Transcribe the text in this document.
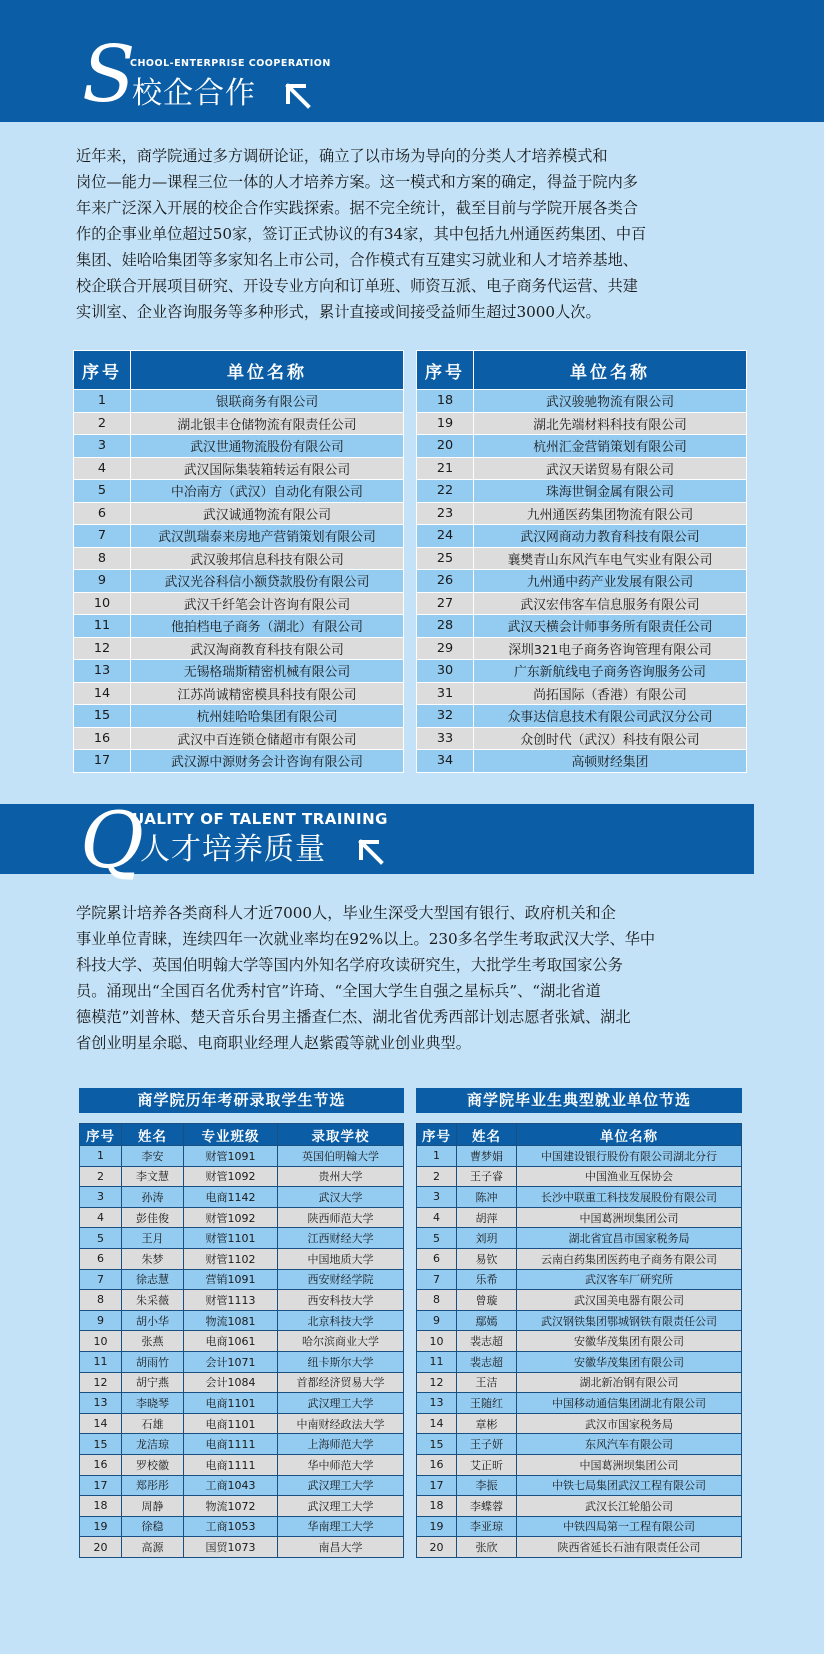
S
CHOOL-ENTERPRISE COOPERATION
校企合作
近年来，商学院通过多方调研论证，确立了以市场为导向的分类人才培养模式和
岗位—能力—课程三位一体的人才培养方案。这一模式和方案的确定，得益于院内多
年来广泛深入开展的校企合作实践探索。据不完全统计，截至目前与学院开展各类合
作的企事业单位超过50家，签订正式协议的有34家，其中包括九州通医药集团、中百
集团、娃哈哈集团等多家知名上市公司，合作模式有互建实习就业和人才培养基地、
校企联合开展项目研究、开设专业方向和订单班、师资互派、电子商务代运营、共建
实训室、企业咨询服务等多种形式，累计直接或间接受益师生超过3000人次。
序号	单位名称
1	银联商务有限公司
2	湖北银丰仓储物流有限责任公司
3	武汉世通物流股份有限公司
4	武汉国际集装箱转运有限公司
5	中冶南方（武汉）自动化有限公司
6	武汉诚通物流有限公司
7	武汉凯瑞泰来房地产营销策划有限公司
8	武汉骏邦信息科技有限公司
9	武汉光谷科信小额贷款股份有限公司
10	武汉千纤笔会计咨询有限公司
11	他拍档电子商务（湖北）有限公司
12	武汉淘商教育科技有限公司
13	无锡格瑞斯精密机械有限公司
14	江苏尚诚精密模具科技有限公司
15	杭州娃哈哈集团有限公司
16	武汉中百连锁仓储超市有限公司
17	武汉源中源财务会计咨询有限公司
序号	单位名称
18	武汉骏驰物流有限公司
19	湖北先端材料科技有限公司
20	杭州汇金营销策划有限公司
21	武汉天诺贸易有限公司
22	珠海世铜金属有限公司
23	九州通医药集团物流有限公司
24	武汉网商动力教育科技有限公司
25	襄樊青山东风汽车电气实业有限公司
26	九州通中药产业发展有限公司
27	武汉宏伟客车信息服务有限公司
28	武汉天横会计师事务所有限责任公司
29	深圳321电子商务咨询管理有限公司
30	广东新航线电子商务咨询服务公司
31	尚拓国际（香港）有限公司
32	众事达信息技术有限公司武汉分公司
33	众创时代（武汉）科技有限公司
34	高顿财经集团
Q
UALITY OF TALENT TRAINING
人才培养质量
学院累计培养各类商科人才近7000人，毕业生深受大型国有银行、政府机关和企
事业单位青睐，连续四年一次就业率均在92%以上。230多名学生考取武汉大学、华中
科技大学、英国伯明翰大学等国内外知名学府攻读研究生，大批学生考取国家公务
员。涌现出“全国百名优秀村官”许琦、“全国大学生自强之星标兵”、“湖北省道
德模范”刘普林、楚天音乐台男主播查仁杰、湖北省优秀西部计划志愿者张斌、湖北
省创业明星余聪、电商职业经理人赵紫霞等就业创业典型。
商学院历年考研录取学生节选
序号	姓名	专业班级	录取学校
1	李安	财管1091	英国伯明翰大学
2	李文慧	财管1092	贵州大学
3	孙涛	电商1142	武汉大学
4	彭佳俊	财管1092	陕西师范大学
5	王月	财管1101	江西财经大学
6	朱梦	财管1102	中国地质大学
7	徐志慧	营销1091	西安财经学院
8	朱采薇	财管1113	西安科技大学
9	胡小华	物流1081	北京科技大学
10	张燕	电商1061	哈尔滨商业大学
11	胡雨竹	会计1071	纽卡斯尔大学
12	胡宁燕	会计1084	首都经济贸易大学
13	李晓琴	电商1101	武汉理工大学
14	石雄	电商1101	中南财经政法大学
15	龙洁琼	电商1111	上海师范大学
16	罗校徽	电商1111	华中师范大学
17	郑彤彤	工商1043	武汉理工大学
18	周静	物流1072	武汉理工大学
19	徐稳	工商1053	华南理工大学
20	高源	国贸1073	南昌大学
商学院毕业生典型就业单位节选
序号	姓名	单位名称
1	曹梦娟	中国建设银行股份有限公司湖北分行
2	王子睿	中国渔业互保协会
3	陈冲	长沙中联重工科技发展股份有限公司
4	胡萍	中国葛洲坝集团公司
5	刘玥	湖北省宜昌市国家税务局
6	易钦	云南白药集团医药电子商务有限公司
7	乐希	武汉客车厂研究所
8	曾璇	武汉国美电器有限公司
9	鄢嫣	武汉钢铁集团鄂城钢铁有限责任公司
10	裴志超	安徽华茂集团有限公司
11	裴志超	安徽华茂集团有限公司
12	王洁	湖北新冶钢有限公司
13	王随红	中国移动通信集团湖北有限公司
14	章彬	武汉市国家税务局
15	王子妍	东风汽车有限公司
16	艾正昕	中国葛洲坝集团公司
17	李振	中铁七局集团武汉工程有限公司
18	李蝶蓉	武汉长江轮船公司
19	李亚琼	中铁四局第一工程有限公司
20	张欣	陕西省延长石油有限责任公司
